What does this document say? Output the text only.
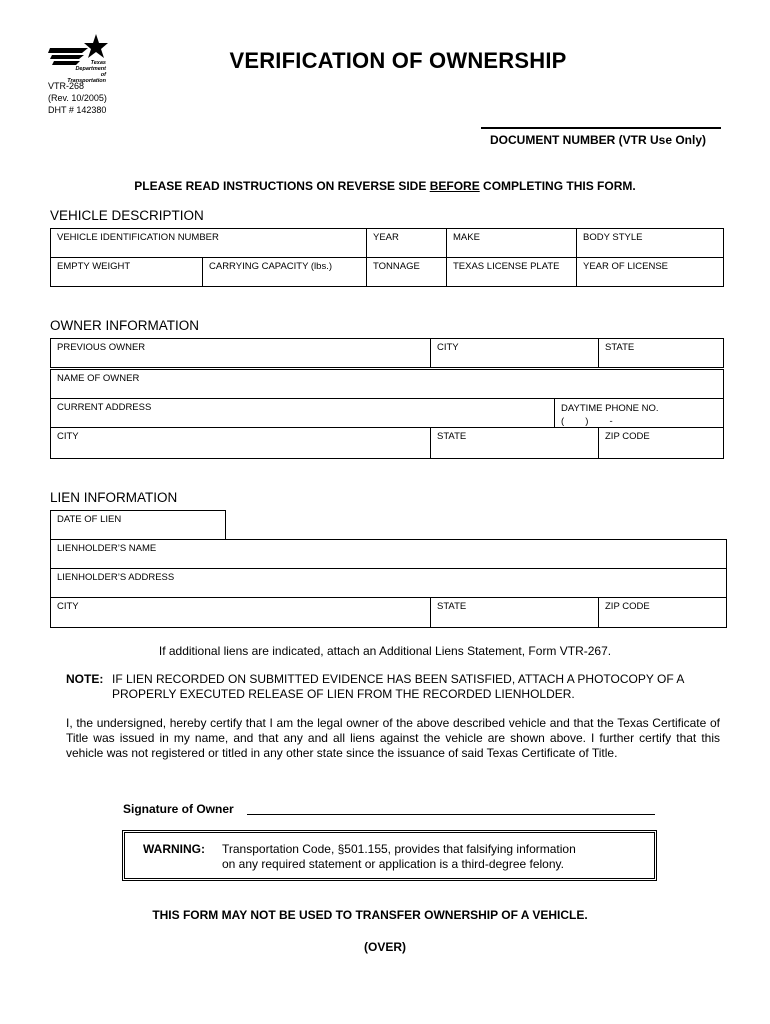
Texas
Department
of Transportation
VTR-268
(Rev. 10/2005)
DHT # 142380
VERIFICATION OF OWNERSHIP
DOCUMENT NUMBER (VTR Use Only)
PLEASE READ INSTRUCTIONS ON REVERSE SIDE BEFORE COMPLETING THIS FORM.
VEHICLE DESCRIPTION
VEHICLE IDENTIFICATION NUMBER	YEAR	MAKE	BODY STYLE
EMPTY WEIGHT	CARRYING CAPACITY (lbs.)	TONNAGE	TEXAS LICENSE PLATE	YEAR OF LICENSE
OWNER INFORMATION
PREVIOUS OWNER	CITY	STATE
NAME OF OWNER
CURRENT ADDRESS	DAYTIME PHONE NO.
(        )        -
CITY	STATE	ZIP CODE
LIEN INFORMATION
DATE OF LIEN
LIENHOLDER’S NAME
LIENHOLDER’S ADDRESS
CITY	STATE	ZIP CODE
If additional liens are indicated, attach an Additional Liens Statement, Form VTR-267.
NOTE: IF LIEN RECORDED ON SUBMITTED EVIDENCE HAS BEEN SATISFIED, ATTACH A PHOTOCOPY OF A
PROPERLY EXECUTED RELEASE OF LIEN FROM THE RECORDED LIENHOLDER.
I, the undersigned, hereby certify that I am the legal owner of the above described vehicle and that the Texas Certificate of Title was issued in my name, and that any and all liens against the vehicle are shown above. I further certify that this vehicle was not registered or titled in any other state since the issuance of said Texas Certificate of Title.
Signature of Owner
WARNING: Transportation Code, §501.155, provides that falsifying information
on any required statement or application is a third-degree felony.
THIS FORM MAY NOT BE USED TO TRANSFER OWNERSHIP OF A VEHICLE.
(OVER)
